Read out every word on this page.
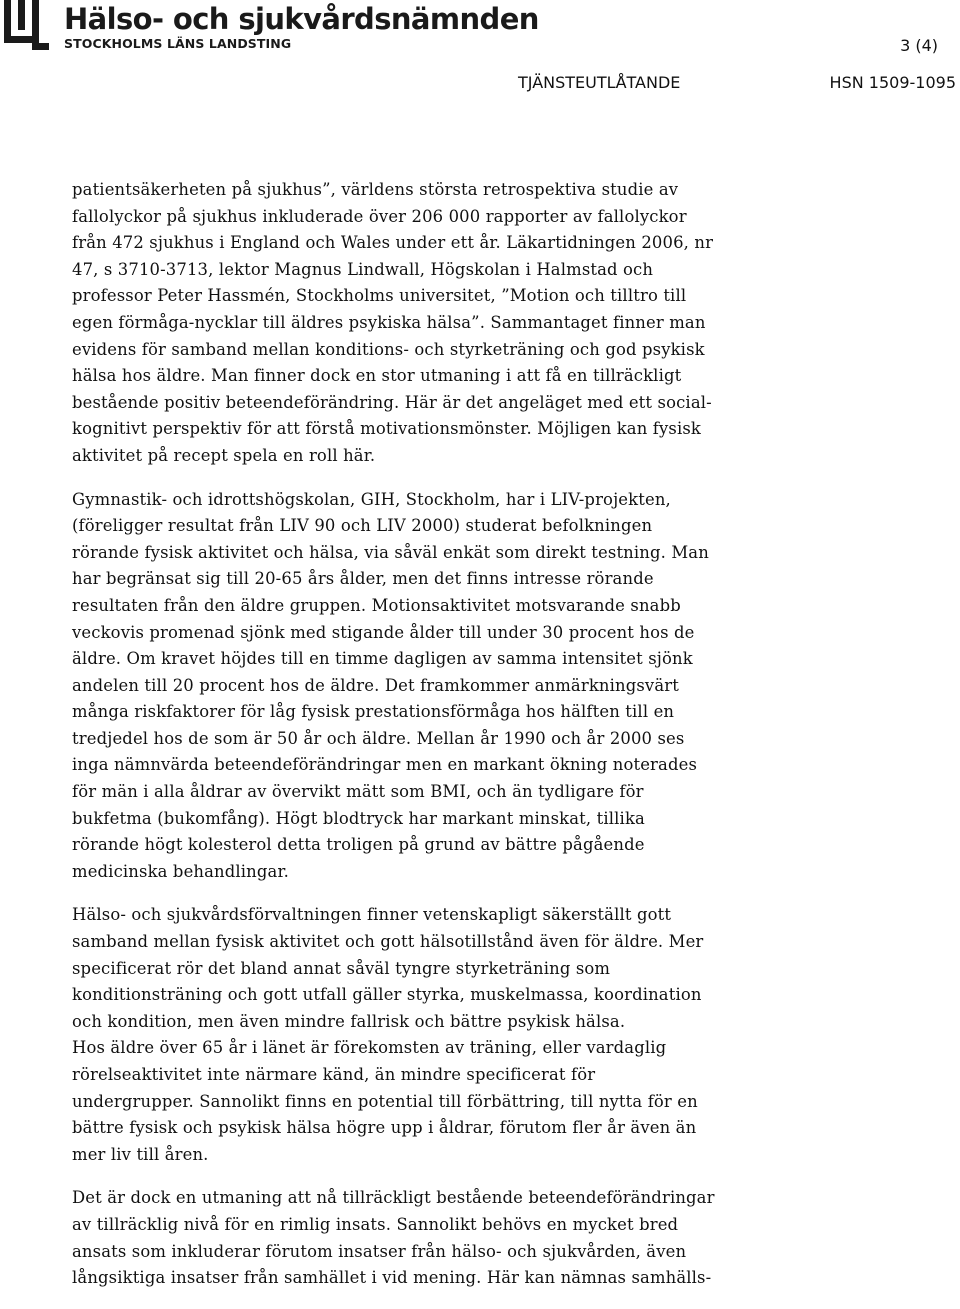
Hälso- och sjukvårdsnämnden
STOCKHOLMS LÄNS LANDSTING	3 (4)
TJÄNSTEUTLÅTANDE	HSN 1509-1095

patientsäkerheten på sjukhus”, världens största retrospektiva studie av
fallolyckor på sjukhus inkluderade över 206 000 rapporter av fallolyckor
från 472 sjukhus i England och Wales under ett år. Läkartidningen 2006, nr
47, s 3710-3713, lektor Magnus Lindwall, Högskolan i Halmstad och
professor Peter Hassmén, Stockholms universitet, ”Motion och tilltro till
egen förmåga-nycklar till äldres psykiska hälsa”. Sammantaget finner man
evidens för samband mellan konditions- och styrketräning och god psykisk
hälsa hos äldre. Man finner dock en stor utmaning i att få en tillräckligt
bestående positiv beteendeförändring. Här är det angeläget med ett social-
kognitivt perspektiv för att förstå motivationsmönster. Möjligen kan fysisk
aktivitet på recept spela en roll här.

Gymnastik- och idrottshögskolan, GIH, Stockholm, har i LIV-projekten,
(föreligger resultat från LIV 90 och LIV 2000) studerat befolkningen
rörande fysisk aktivitet och hälsa, via såväl enkät som direkt testning. Man
har begränsat sig till 20-65 års ålder, men det finns intresse rörande
resultaten från den äldre gruppen. Motionsaktivitet motsvarande snabb
veckovis promenad sjönk med stigande ålder till under 30 procent hos de
äldre. Om kravet höjdes till en timme dagligen av samma intensitet sjönk
andelen till 20 procent hos de äldre. Det framkommer anmärkningsvärt
många riskfaktorer för låg fysisk prestationsförmåga hos hälften till en
tredjedel hos de som är 50 år och äldre. Mellan år 1990 och år 2000 ses
inga nämnvärda beteendeförändringar men en markant ökning noterades
för män i alla åldrar av övervikt mätt som BMI, och än tydligare för
bukfetma (bukomfång). Högt blodtryck har markant minskat, tillika
rörande högt kolesterol detta troligen på grund av bättre pågående
medicinska behandlingar.

Hälso- och sjukvårdsförvaltningen finner vetenskapligt säkerställt gott
samband mellan fysisk aktivitet och gott hälsotillstånd även för äldre. Mer
specificerat rör det bland annat såväl tyngre styrketräning som
konditionsträning och gott utfall gäller styrka, muskelmassa, koordination
och kondition, men även mindre fallrisk och bättre psykisk hälsa.
Hos äldre över 65 år i länet är förekomsten av träning, eller vardaglig
rörelseaktivitet inte närmare känd, än mindre specificerat för
undergrupper. Sannolikt finns en potential till förbättring, till nytta för en
bättre fysisk och psykisk hälsa högre upp i åldrar, förutom fler år även än
mer liv till åren.

Det är dock en utmaning att nå tillräckligt bestående beteendeförändringar
av tillräcklig nivå för en rimlig insats. Sannolikt behövs en mycket bred
ansats som inkluderar förutom insatser från hälso- och sjukvården, även
långsiktiga insatser från samhället i vid mening. Här kan nämnas samhälls-
